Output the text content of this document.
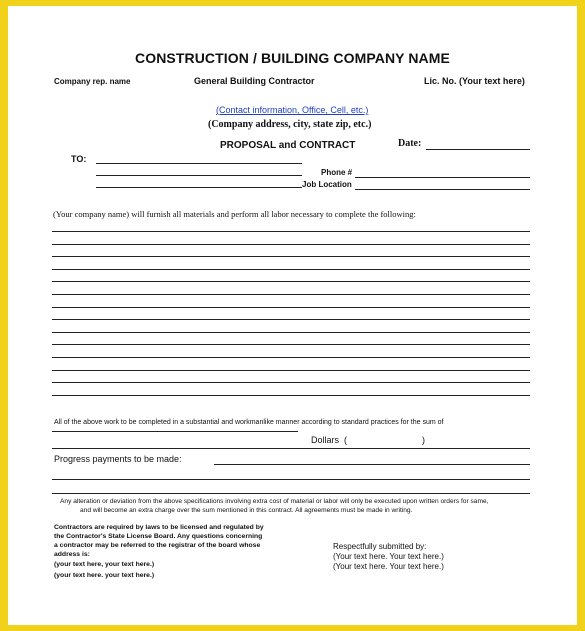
CONSTRUCTION / BUILDING COMPANY NAME
Company rep. name	General Building Contractor	Lic. No. (Your text here)
(Contact information, Office, Cell, etc.)
(Company address, city, state zip, etc.)
PROPOSAL and CONTRACT	Date:
TO:
Phone #
Job Location
(Your company name) will furnish all materials and perform all labor necessary to complete the following:
All of the above work to be completed in a substantial and workmanlike manner according to standard practices for the sum of
Dollars (	)
Progress payments to be made:
Any alteration or deviation from the above specifications involving extra cost of material or labor will only be executed upon written orders for same,
and will become an extra charge over the sum mentioned in this contract. All agreements must be made in writing.
Contractors are required by laws to be licensed and regulated by
the Contractor's State License Board. Any questions concerning
a contractor may be referred to the registrar of the board whose
address is:
(your text here, your text here.)
(your text here. your text here.)
Respectfully submitted by:
(Your text here. Your text here.)
(Your text here. Your text here.)
